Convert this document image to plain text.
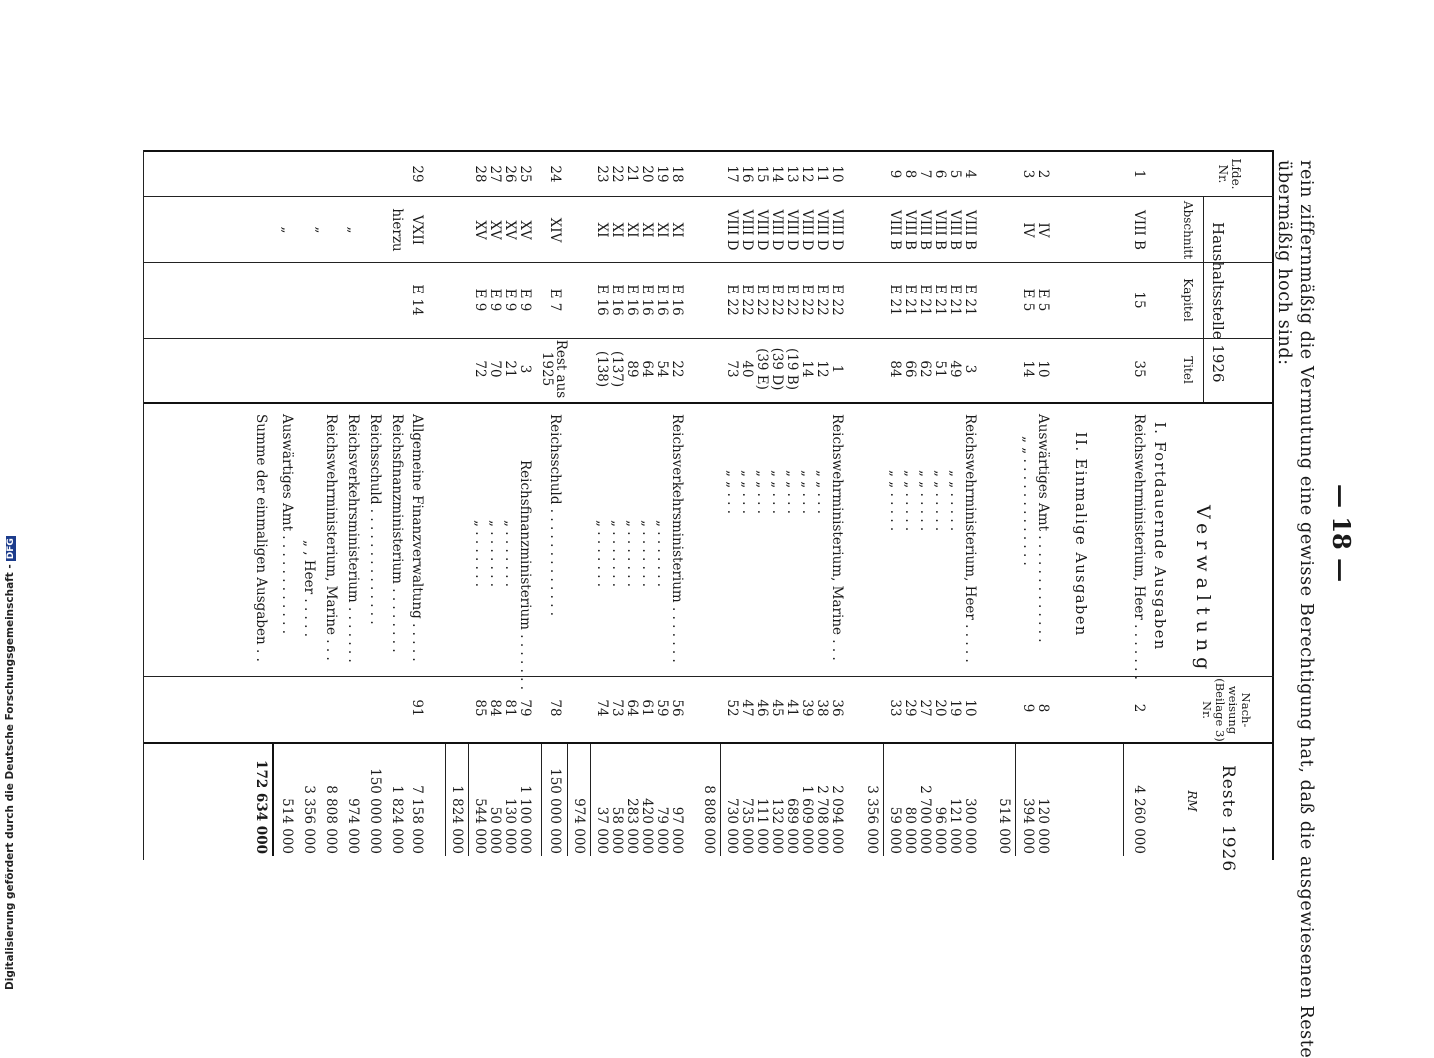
— 18 —
rein ziffernmäßig die Vermutung eine gewisse Berechtigung hat, daß die ausgewiesenen Reste
übermäßig hoch sind:
Lfde.
Nr.
Haushaltsstelle 1926
Abschnitt
Kapitel
Titel
Verwaltung
Nach-
weisung
(Beilage 3)
Nr.
Reste 1926
RM
I. Fortdauernde Ausgaben
II. Einmalige Ausgaben
1
VIII B
15
35
Reichswehrministerium, Heer . . . . . . .
2
4 260 000
2
IV
E 5
10
Auswärtiges Amt . . . . . . . . . . . . .
8
120 000
3
IV
E 5
14
„ „ . . . . . . . . . . . . .
9
394 000
514 000
4
VIII B
E 21
3
Reichswehrministerium, Heer . . . . .
10
300 000
5
VIII B
E 21
49
„ „ . . . . .
19
121 000
6
VIII B
E 21
51
„ „ . . . . .
20
96 000
7
VIII B
E 21
62
„ „ . . . . .
27
2 700 000
8
VIII B
E 21
66
„ „ . . . . .
29
80 000
9
VIII B
E 21
84
„ „ . . . . .
33
59 000
3 356 000
10
VIII D
E 22
1
Reichswehrministerium, Marine . . .
36
2 094 000
11
VIII D
E 22
12
„ „ . . .
38
2 708 000
12
VIII D
E 22
14
„ „ . . .
39
1 609 000
13
VIII D
E 22
(19 B)
„ „ . . .
41
689 000
14
VIII D
E 22
(39 D)
„ „ . . .
45
132 000
15
VIII D
E 22
(39 E)
„ „ . . .
46
111 000
16
VIII D
E 22
40
„ „ . . .
47
735 000
17
VIII D
E 22
73
„ „ . . .
52
730 000
8 808 000
18
XI
E 16
22
Reichsverkehrsministerium . . . . . . .
56
97 000
19
XI
E 16
54
„ . . . . . . .
59
79 000
20
XI
E 16
64
„ . . . . . . .
61
420 000
21
XI
E 16
89
„ . . . . . . .
64
283 000
22
XI
E 16
(137)
„ . . . . . . .
73
58 000
23
XI
E 16
(138)
„ . . . . . . .
74
37 000
974 000
24
XIV
E 7
Rest aus
1925
Reichsschuld . . . . . . . . . . . . .
78
150 000 000
25
XV
E 9
3
Reichsfinanzministerium . . . . . . .
79
1 100 000
26
XV
E 9
21
„ . . . . . . .
81
130 000
27
XV
E 9
70
„ . . . . . . .
84
50 000
28
XV
E 9
72
„ . . . . . . .
85
544 000
1 824 000
29
VXII
E 14
Allgemeine Finanzverwaltung . . . . .
91
7 158 000
hierzu
„
„
„
Reichsfinanzministerium . . . . . . . .
1 824 000
Reichsschuld . . . . . . . . . . . . . .
150 000 000
Reichsverkehrsministerium . . . . . . .
974 000
Reichswehrministerium, Marine . . .
8 808 000
„ , Heer . . . . .
3 356 000
Auswärtiges Amt . . . . . . . . . . . .
514 000
Summe der einmaligen Ausgaben . .
172 634 000
Digitalisierung gefördert durch die Deutsche Forschungsgemeinschaft -DFG
